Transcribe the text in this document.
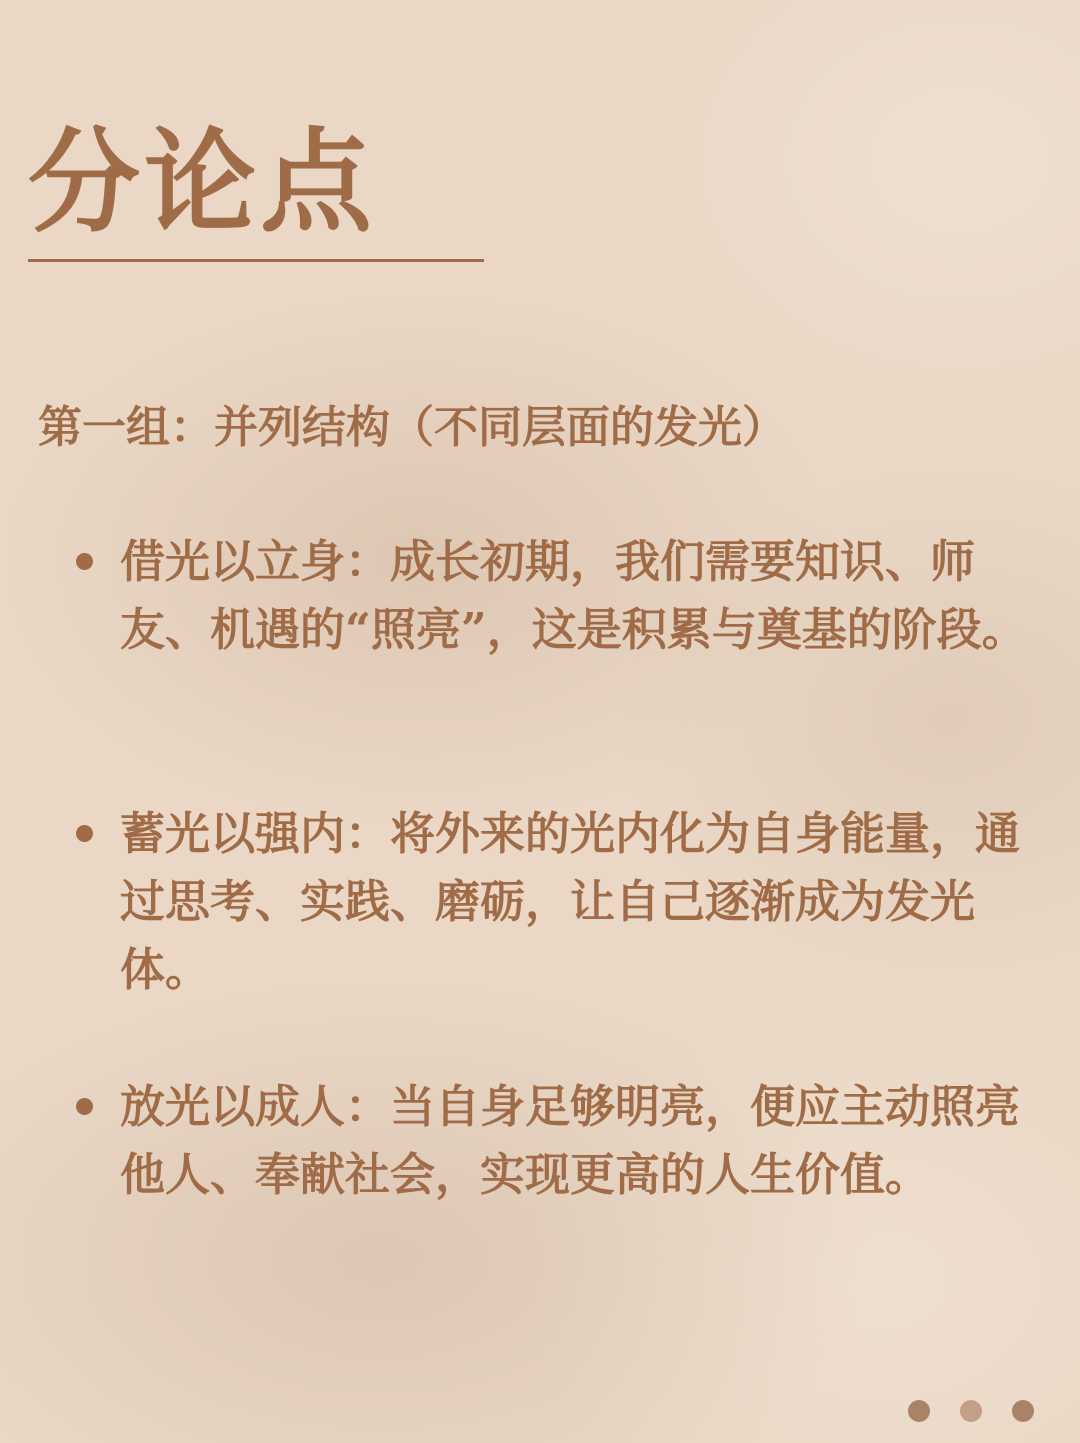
分论点
第一组：并列结构（不同层面的发光）
借光以立身：成长初期，我们需要知识、师友、机遇的“照亮”，这是积累与奠基的阶段。
蓄光以强内：将外来的光内化为自身能量，通过思考、实践、磨砺，让自己逐渐成为发光体。
放光以成人：当自身足够明亮，便应主动照亮他人、奉献社会，实现更高的人生价值。
